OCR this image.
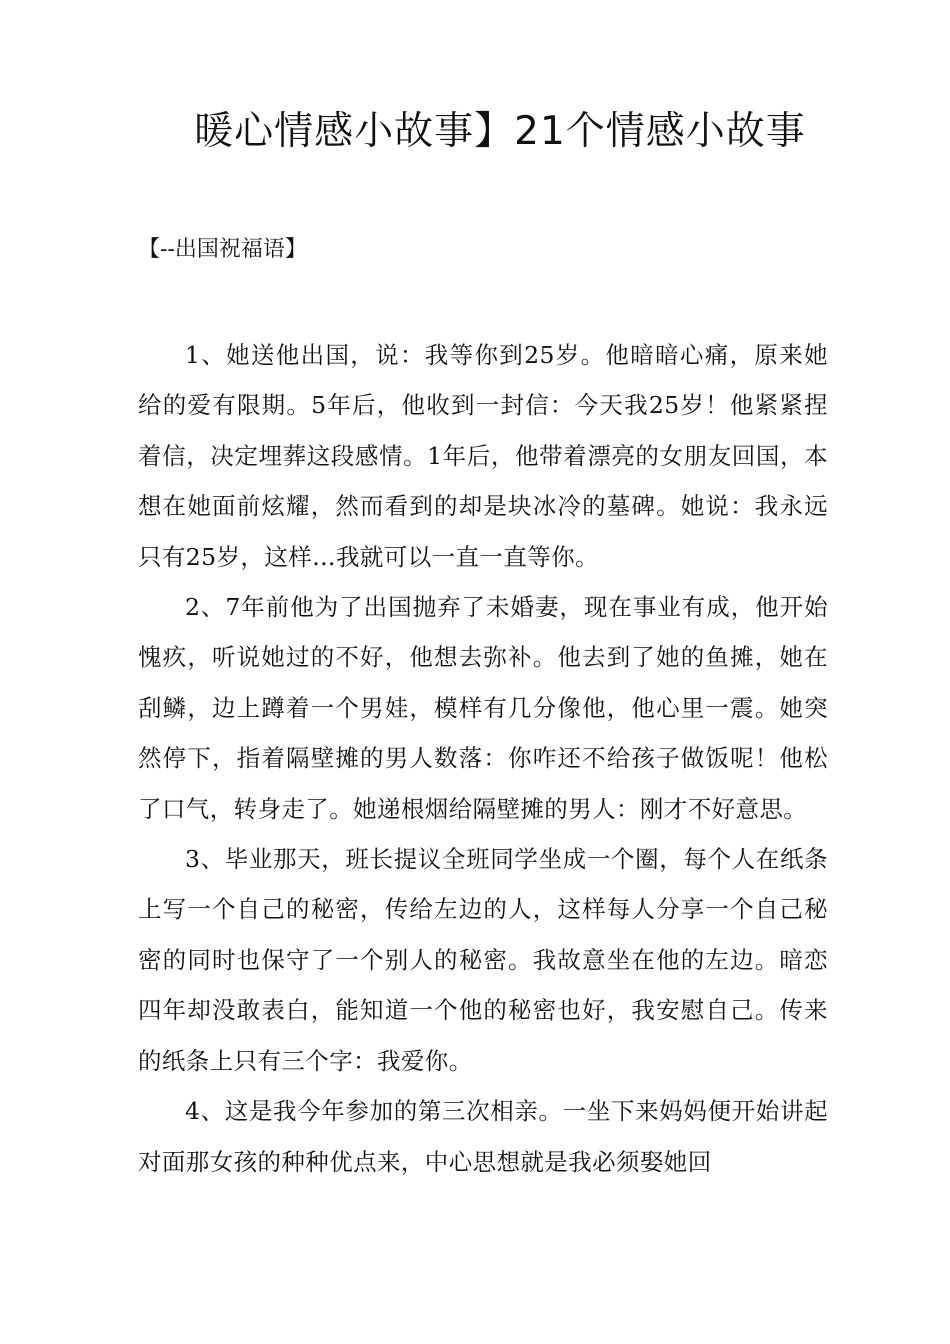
暖心情感小故事】21个情感小故事
【--出国祝福语】

1、她送他出国，说：我等你到25岁。他暗暗心痛，原来她给的爱有限期。5年后，他收到一封信：今天我25岁！他紧紧捏着信，决定埋葬这段感情。1年后，他带着漂亮的女朋友回国，本想在她面前炫耀，然而看到的却是块冰冷的墓碑。她说：我永远只有25岁，这样…我就可以一直一直等你。

2、7年前他为了出国抛弃了未婚妻，现在事业有成，他开始愧疚，听说她过的不好，他想去弥补。他去到了她的鱼摊，她在刮鳞，边上蹲着一个男娃，模样有几分像他，他心里一震。她突然停下，指着隔壁摊的男人数落：你咋还不给孩子做饭呢！他松了口气，转身走了。她递根烟给隔壁摊的男人：刚才不好意思。

3、毕业那天，班长提议全班同学坐成一个圈，每个人在纸条上写一个自己的秘密，传给左边的人，这样每人分享一个自己秘密的同时也保守了一个别人的秘密。我故意坐在他的左边。暗恋四年却没敢表白，能知道一个他的秘密也好，我安慰自己。传来的纸条上只有三个字：我爱你。

4、这是我今年参加的第三次相亲。一坐下来妈妈便开始讲起对面那女孩的种种优点来，中心思想就是我必须娶她回
